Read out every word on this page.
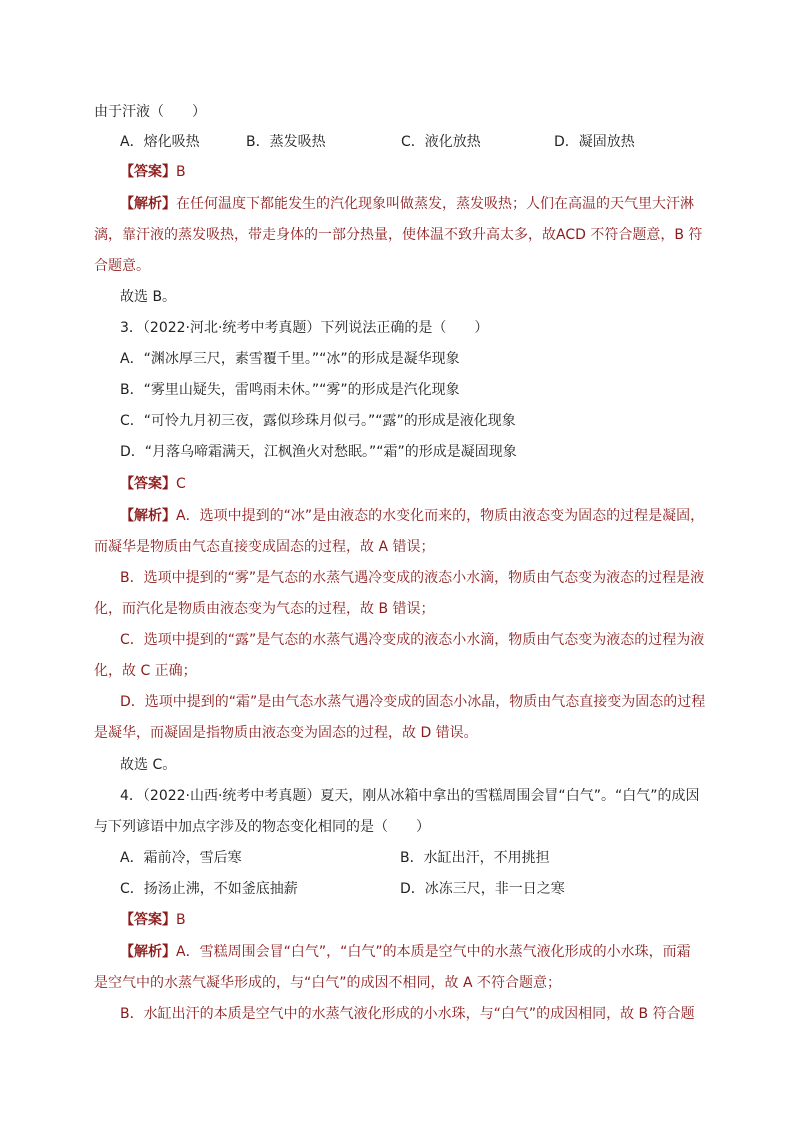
由于汗液（　　）
A．熔化吸热	B．蒸发吸热	C．液化放热	D．凝固放热
【答案】B
【解析】在任何温度下都能发生的汽化现象叫做蒸发，蒸发吸热；人们在高温的天气里大汗淋
漓，靠汗液的蒸发吸热，带走身体的一部分热量，使体温不致升高太多，故ACD 不符合题意，B 符
合题意。
故选 B。
3．（2022·河北·统考中考真题）下列说法正确的是（　　）
A．“渊冰厚三尺，素雪覆千里。”“冰”的形成是凝华现象
B．“雾里山疑失，雷鸣雨未休。”“雾”的形成是汽化现象
C．“可怜九月初三夜，露似珍珠月似弓。”“露”的形成是液化现象
D．“月落乌啼霜满天，江枫渔火对愁眠。”“霜”的形成是凝固现象
【答案】C
【解析】A．选项中提到的“冰”是由液态的水变化而来的，物质由液态变为固态的过程是凝固，
而凝华是物质由气态直接变成固态的过程，故 A 错误；
B．选项中提到的“雾”是气态的水蒸气遇冷变成的液态小水滴，物质由气态变为液态的过程是液
化，而汽化是物质由液态变为气态的过程，故 B 错误；
C．选项中提到的“露”是气态的水蒸气遇冷变成的液态小水滴，物质由气态变为液态的过程为液
化，故 C 正确；
D．选项中提到的“霜”是由气态水蒸气遇冷变成的固态小冰晶，物质由气态直接变为固态的过程
是凝华，而凝固是指物质由液态变为固态的过程，故 D 错误。
故选 C。
4．（2022·山西·统考中考真题）夏天，刚从冰箱中拿出的雪糕周围会冒“白气”。“白气”的成因
与下列谚语中加点字涉及的物态变化相同的是（　　）
A．霜前冷，雪后寒	B．水缸出汗，不用挑担
C．扬汤止沸，不如釜底抽薪	D．冰冻三尺，非一日之寒
【答案】B
【解析】A．雪糕周围会冒“白气”，“白气”的本质是空气中的水蒸气液化形成的小水珠，而霜
是空气中的水蒸气凝华形成的，与“白气”的成因不相同，故 A 不符合题意；
B．水缸出汗的本质是空气中的水蒸气液化形成的小水珠，与“白气”的成因相同，故 B 符合题
